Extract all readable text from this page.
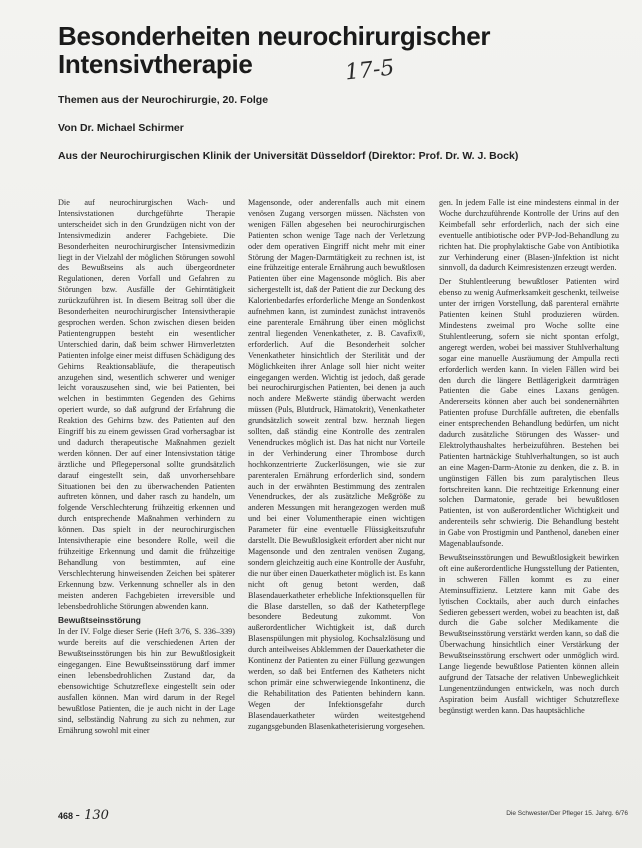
Besonderheiten neurochirurgischer Intensivtherapie	17-5
Themen aus der Neurochirurgie, 20. Folge
Von Dr. Michael Schirmer
Aus der Neurochirurgischen Klinik der Universität Düsseldorf (Direktor: Prof. Dr. W. J. Bock)

Die auf neurochirurgischen Wach- und Intensivstationen durchgeführte Therapie unterscheidet sich in den Grundzügen nicht von der Intensivmedizin anderer Fachgebiete. Die Besonderheiten neurochirurgischer Intensivmedizin liegt in der Vielzahl der möglichen Störungen sowohl des Bewußtseins als auch übergeordneter Regulationen, deren Vorfall und Gefahren zu Störungen bzw. Ausfälle der Gehirntätigkeit zurückzuführen ist. In diesem Beitrag soll über die Besonderheiten neurochirurgischer Intensivtherapie gesprochen werden. Schon zwischen diesen beiden Patientengruppen besteht ein wesentlicher Unterschied darin, daß beim schwer Hirnverletzten Patienten infolge einer meist diffusen Schädigung des Gehirns Reaktionsabläufe, die therapeutisch anzugehen sind, wesentlich schwerer und weniger leicht vorauszusehen sind, wie bei Patienten, bei welchen in bestimmten Gegenden des Gehirns operiert wurde, so daß aufgrund der Erfahrung die Reaktion des Gehirns bzw. des Patienten auf den Eingriff bis zu einem gewissen Grad vorhersagbar ist und dadurch therapeutische Maßnahmen gezielt werden können. Der auf einer Intensivstation tätige ärztliche und Pflegepersonal sollte grundsätzlich darauf eingestellt sein, daß unvorhersehbare Situationen bei den zu überwachenden Patienten auftreten können, und daher rasch zu handeln, um folgende Verschlechterung frühzeitig erkennen und durch entsprechende Maßnahmen verhindern zu können. Das spielt in der neurochirurgischen Intensivtherapie eine besondere Rolle, weil die frühzeitige Erkennung und damit die frühzeitige Behandlung von bestimmten, auf eine Verschlechterung hinweisenden Zeichen bei späterer Erkennung bzw. Verkennung schneller als in den meisten anderen Fachgebieten irreversible und lebensbedrohliche Störungen abwenden kann.

Bewußtseinsstörung

In der IV. Folge dieser Serie (Heft 3/76, S. 336–339) wurde bereits auf die verschiedenen Arten der Bewußtseinsstörungen bis hin zur Bewußtlosigkeit eingegangen. Eine Bewußtseinsstörung darf immer einen lebensbedrohlichen Zustand dar, da ebensowichtige Schutzreflexe eingestellt sein oder ausfallen können. Man wird darum in der Regel bewußtlose Patienten, die je auch nicht in der Lage sind, selbständig Nahrung zu sich zu nehmen, zur Ernährung sowohl mit einer

Magensonde, oder anderenfalls auch mit einem venösen Zugang versorgen müssen. Nächsten von wenigen Fällen abgesehen bei neurochirurgischen Patienten schon wenige Tage nach der Verletzung oder dem operativen Eingriff nicht mehr mit einer Störung der Magen-Darmtätigkeit zu rechnen ist, ist eine frühzeitige enterale Ernährung auch bewußtlosen Patienten über eine Magensonde möglich. Bis aber sichergestellt ist, daß der Patient die zur Deckung des Kalorienbedarfes erforderliche Menge an Sondenkost aufnehmen kann, ist zumindest zunächst intravenös eine parenterale Ernährung über einen möglichst zentral liegenden Venenkatheter, z. B. Cavafix®, erforderlich. Auf die Besonderheit solcher Venenkatheter hinsichtlich der Sterilität und der Möglichkeiten ihrer Anlage soll hier nicht weiter eingegangen werden. Wichtig ist jedoch, daß gerade bei neurochirurgischen Patienten, bei denen ja auch noch andere Meßwerte ständig überwacht werden müssen (Puls, Blutdruck, Hämatokrit), Venenkatheter grundsätzlich soweit zentral bzw. herznah liegen sollten, daß ständig eine Kontrolle des zentralen Venendruckes möglich ist. Das hat nicht nur Vorteile in der Verhinderung einer Thrombose durch hochkonzentrierte Zuckerlösungen, wie sie zur parenteralen Ernährung erforderlich sind, sondern auch in der erwähnten Bestimmung des zentralen Venendruckes, der als zusätzliche Meßgröße zu anderen Messungen mit herangezogen werden muß und bei einer Volumentherapie einen wichtigen Parameter für eine eventuelle Flüssigkeitszufuhr darstellt. Die Bewußtlosigkeit erfordert aber nicht nur Magensonde und den zentralen venösen Zugang, sondern gleichzeitig auch eine Kontrolle der Ausfuhr, die nur über einen Dauerkatheter möglich ist. Es kann nicht oft genug betont werden, daß Blasendauerkatheter erhebliche Infektionsquellen für die Blase darstellen, so daß der Katheterpflege besondere Bedeutung zukommt. Von außerordentlicher Wichtigkeit ist, daß durch Blasenspülungen mit physiolog. Kochsalzlösung und durch anteilweises Abklemmen der Dauerkatheter die Kontinenz der Patienten zu einer Füllung gezwungen werden, so daß bei Entfernen des Katheters nicht schon primär eine schwerwiegende Inkontinenz, die die Rehabilitation des Patienten behindern kann. Wegen der Infektionsgefahr durch Blasendauerkatheter würden weitestgehend zugangsgebunden Blasenkatheterisierung vorgesehen.

gen. In jedem Falle ist eine mindestens einmal in der Woche durchzuführende Kontrolle der Urins auf den Keimbefall sehr erforderlich, nach der sich eine eventuelle antibiotische oder PVP-Jod-Behandlung zu richten hat. Die prophylaktische Gabe von Antibiotika zur Verhinderung einer (Blasen-)Infektion ist nicht sinnvoll, da dadurch Keimresistenzen erzeugt werden.

Der Stuhlentleerung bewußtloser Patienten wird ebenso zu wenig Aufmerksamkeit geschenkt, teilweise unter der irrigen Vorstellung, daß parenteral ernährte Patienten keinen Stuhl produzieren würden. Mindestens zweimal pro Woche sollte eine Stuhlentleerung, sofern sie nicht spontan erfolgt, angeregt werden, wobei bei massiver Stuhlverhaltung sogar eine manuelle Ausräumung der Ampulla recti erforderlich werden kann. In vielen Fällen wird bei den durch die längere Bettlägerigkeit darmträgen Patienten die Gabe eines Laxans genügen. Andererseits können aber auch bei sondenernährten Patienten profuse Durchfälle auftreten, die ebenfalls einer entsprechenden Behandlung bedürfen, um nicht dadurch zusätzliche Störungen des Wasser- und Elektrolythaushaltes herbeizuführen. Bestehen bei Patienten hartnäckige Stuhlverhaltungen, so ist auch an eine Magen-Darm-Atonie zu denken, die z. B. in ungünstigen Fällen bis zum paralytischen Ileus fortschreiten kann. Die rechtzeitige Erkennung einer solchen Darmatonie, gerade bei bewußtlosen Patienten, ist von außerordentlicher Wichtigkeit und anderenteils sehr schwierig. Die Behandlung besteht in Gabe von Prostigmin und Panthenol, daneben einer Magenablaufsonde.

Bewußtseinsstörungen und Bewußtlosigkeit bewirken oft eine außerordentliche Hungsstellung der Patienten, in schweren Fällen kommt es zu einer Ateminsuffizienz. Letztere kann mit Gabe des lytischen Cocktails, aber auch durch einfaches Sedieren gebessert werden, wobei zu beachten ist, daß durch die Gabe solcher Medikamente die Bewußtseinsstörung verstärkt werden kann, so daß die Überwachung hinsichtlich einer Verstärkung der Bewußtseinsstörung erschwert oder unmöglich wird. Lange liegende bewußtlose Patienten können allein aufgrund der Tatsache der relativen Unbeweglichkeit Lungenentzündungen entwickeln, was noch durch Aspiration beim Ausfall wichtiger Schutzreflexe begünstigt werden kann. Das hauptsächliche

468 - 130	Die Schwester/Der Pfleger 15. Jahrg. 6/76
